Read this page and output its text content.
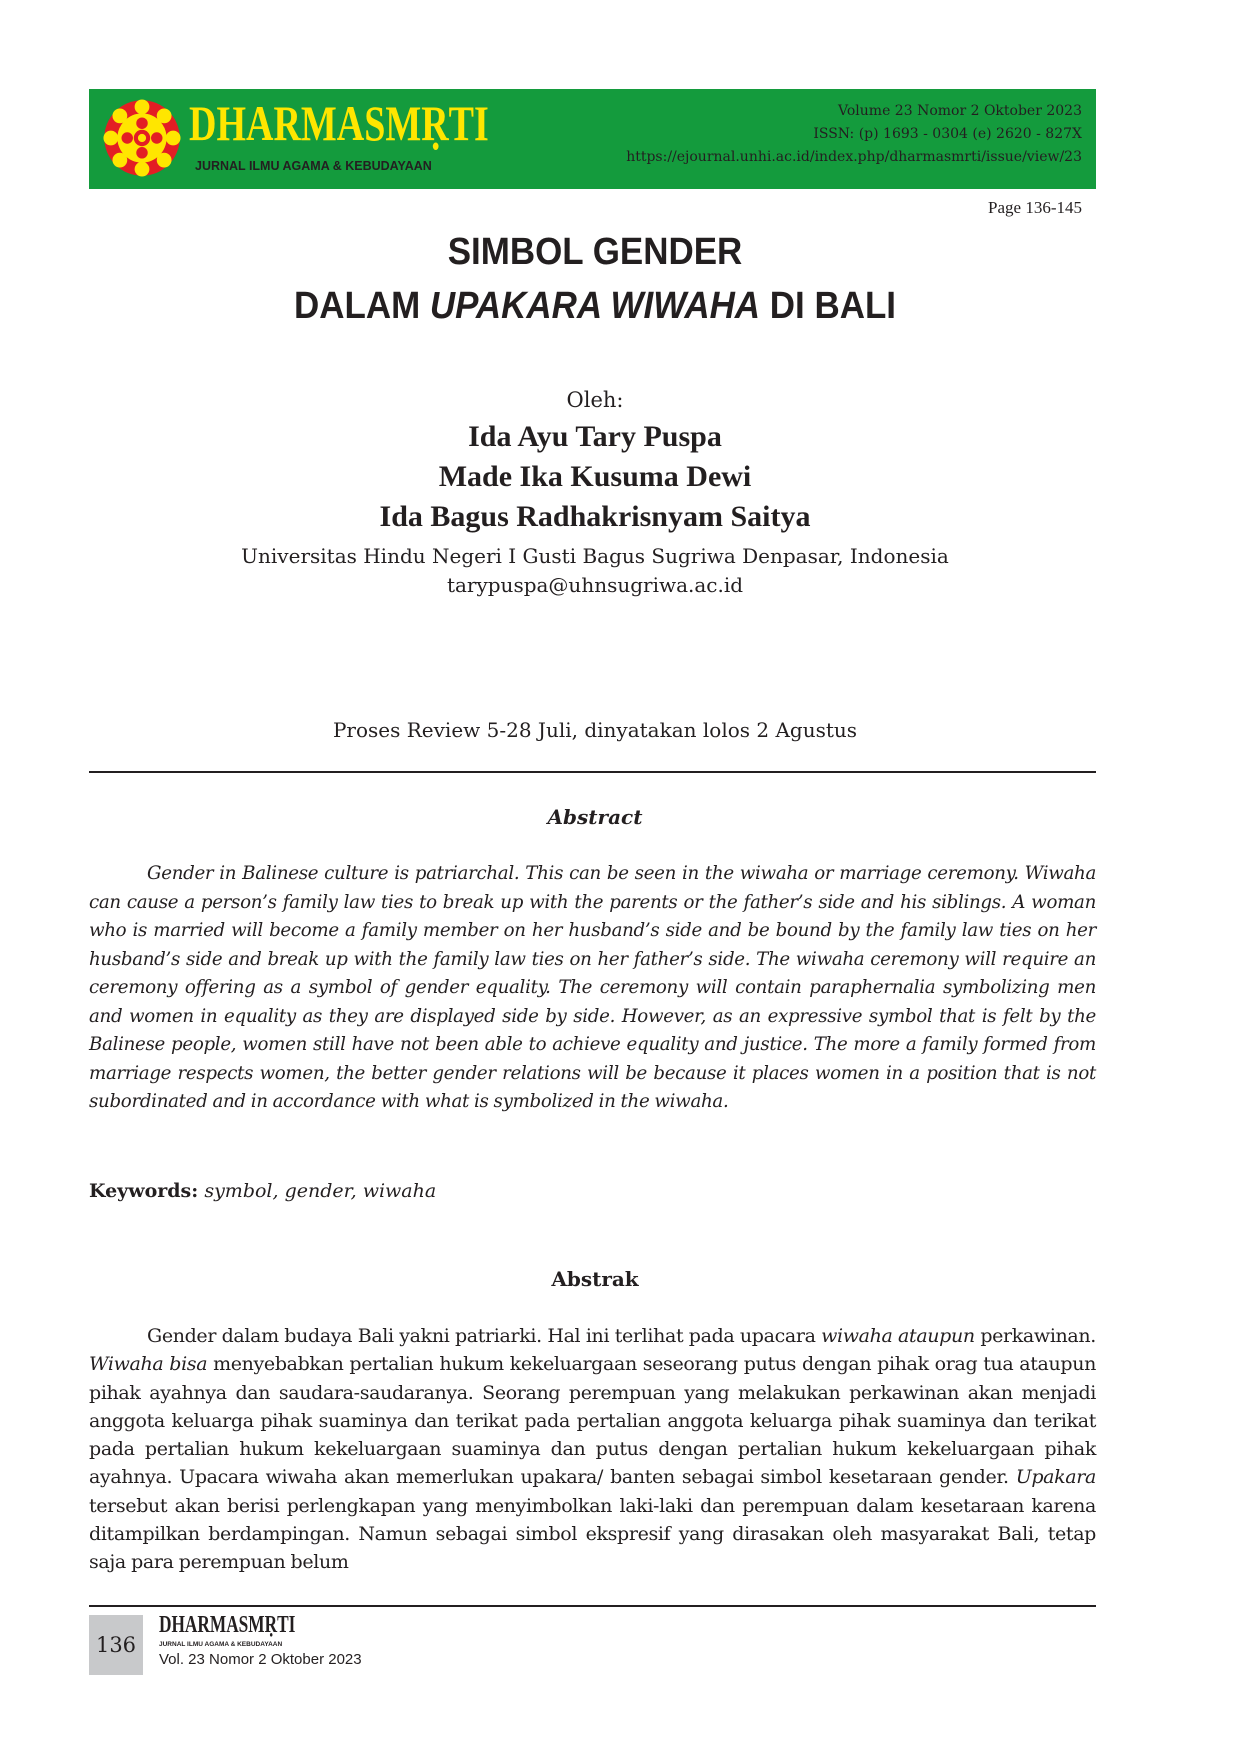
DHARMASMṚTI
JURNAL ILMU AGAMA & KEBUDAYAAN
Volume 23 Nomor 2 Oktober 2023
ISSN: (p) 1693 - 0304 (e) 2620 - 827X
https://ejournal.unhi.ac.id/index.php/dharmasmrti/issue/view/23
Page 136-145
SIMBOL GENDER
DALAM UPAKARA WIWAHA DI BALI
Oleh:
Ida Ayu Tary Puspa
Made Ika Kusuma Dewi
Ida Bagus Radhakrisnyam Saitya
Universitas Hindu Negeri I Gusti Bagus Sugriwa Denpasar, Indonesia
tarypuspa@uhnsugriwa.ac.id
Proses Review 5-28 Juli, dinyatakan lolos 2 Agustus
Abstract

Gender in Balinese culture is patriarchal. This can be seen in the wiwaha or marriage ceremony. Wiwaha can cause a person’s family law ties to break up with the parents or the father’s side and his siblings. A woman who is married will become a family member on her husband’s side and be bound by the family law ties on her husband’s side and break up with the family law ties on her father’s side. The wiwaha ceremony will require an ceremony offering as a symbol of gender equality. The ceremony will contain paraphernalia symbolizing men and women in equality as they are displayed side by side. However, as an expressive symbol that is felt by the Balinese people, women still have not been able to achieve equality and justice. The more a family formed from marriage respects women, the better gender relations will be because it places women in a position that is not subordinated and in accordance with what is symbolized in the wiwaha.

Keywords: symbol, gender, wiwaha
Abstrak

Gender dalam budaya Bali yakni patriarki. Hal ini terlihat pada upacara wiwaha ataupun perkawinan. Wiwaha bisa menyebabkan pertalian hukum kekeluargaan seseorang putus dengan pihak orag tua ataupun pihak ayahnya dan saudara-saudaranya. Seorang perempuan yang melakukan perkawinan akan menjadi anggota keluarga pihak suaminya dan terikat pada pertalian anggota keluarga pihak suaminya dan terikat pada pertalian hukum kekeluargaan suaminya dan putus dengan pertalian hukum kekeluargaan pihak ayahnya. Upacara wiwaha akan memerlukan upakara/ banten sebagai simbol kesetaraan gender. Upakara tersebut akan berisi perlengkapan yang menyimbolkan laki-laki dan perempuan dalam kesetaraan karena ditampilkan berdampingan. Namun sebagai simbol ekspresif yang dirasakan oleh masyarakat Bali, tetap saja para perempuan belum

136
DHARMASMṚTI
JURNAL ILMU AGAMA & KEBUDAYAAN
Vol. 23 Nomor 2 Oktober 2023
